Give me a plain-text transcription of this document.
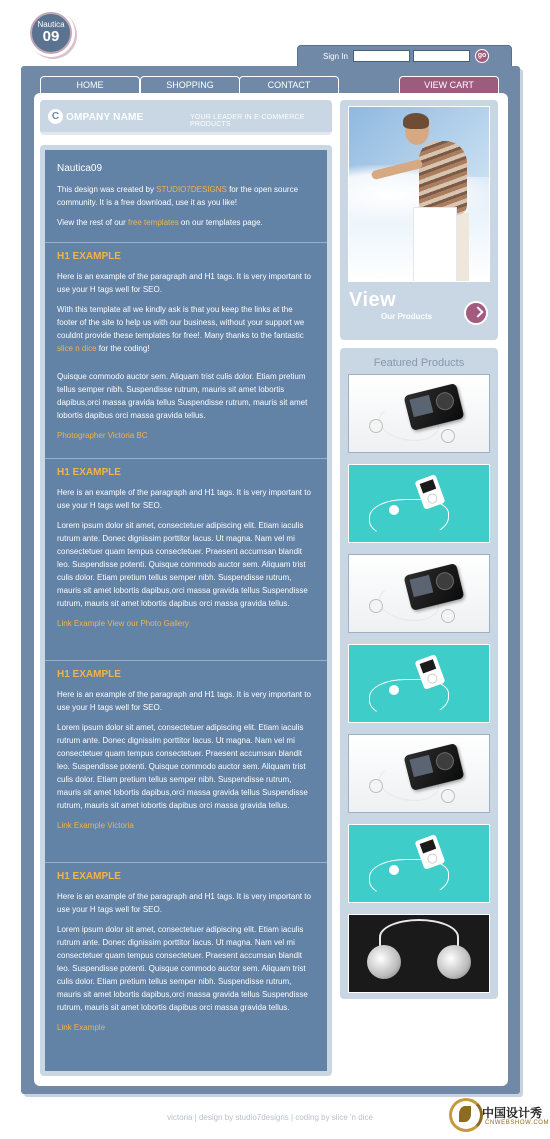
Nautica
09
Sign In	go
HOME	SHOPPING	CONTACT	VIEW CART
C OMPANY NAME	YOUR LEADER IN E-COMMERCE PRODUCTS
Nautica09
This design was created by STUDIO7DESIGNS for the open source community. It is a free download, use it as you like!
View the rest of our free templates on our templates page.
H1 EXAMPLE
Here is an example of the paragraph and H1 tags. It is very important to use your H tags well for SEO.
With this template all we kindly ask is that you keep the links at the footer of the site to help us with our business, without your support we couldnt provide these templates for free!. Many thanks to the fantastic slice n dice for the coding!
Quisque commodo auctor sem. Aliquam trist culis dolor. Etiam pretium tellus semper nibh. Suspendisse rutrum, mauris sit amet lobortis dapibus,orci massa gravida tellus Suspendisse rutrum, mauris sit amet lobortis dapibus orci massa gravida tellus.
Photographer Victoria BC
H1 EXAMPLE
Here is an example of the paragraph and H1 tags. It is very important to use your H tags well for SEO.
Lorem ipsum dolor sit amet, consectetuer adipiscing elit. Etiam iaculis rutrum ante. Donec dignissim porttitor lacus. Ut magna. Nam vel mi consectetuer quam tempus consectetuer. Praesent accumsan blandit leo. Suspendisse potenti. Quisque commodo auctor sem. Aliquam trist culis dolor. Etiam pretium tellus semper nibh. Suspendisse rutrum, mauris sit amet lobortis dapibus,orci massa gravida tellus Suspendisse rutrum, mauris sit amet lobortis dapibus orci massa gravida tellus.
Link Example View our Photo Gallery
H1 EXAMPLE
Here is an example of the paragraph and H1 tags. It is very important to use your H tags well for SEO.
Lorem ipsum dolor sit amet, consectetuer adipiscing elit. Etiam iaculis rutrum ante. Donec dignissim porttitor lacus. Ut magna. Nam vel mi consectetuer quam tempus consectetuer. Praesent accumsan blandit leo. Suspendisse potenti. Quisque commodo auctor sem. Aliquam trist culis dolor. Etiam pretium tellus semper nibh. Suspendisse rutrum, mauris sit amet lobortis dapibus,orci massa gravida tellus Suspendisse rutrum, mauris sit amet lobortis dapibus orci massa gravida tellus.
Link Example Victoria
H1 EXAMPLE
Here is an example of the paragraph and H1 tags. It is very important to use your H tags well for SEO.
Lorem ipsum dolor sit amet, consectetuer adipiscing elit. Etiam iaculis rutrum ante. Donec dignissim porttitor lacus. Ut magna. Nam vel mi consectetuer quam tempus consectetuer. Praesent accumsan blandit leo. Suspendisse potenti. Quisque commodo auctor sem. Aliquam trist culis dolor. Etiam pretium tellus semper nibh. Suspendisse rutrum, mauris sit amet lobortis dapibus,orci massa gravida tellus Suspendisse rutrum, mauris sit amet lobortis dapibus orci massa gravida tellus.
Link Example
View
Our Products
Featured Products
victoria | design by studio7designs | coding by slice 'n dice	中国设计秀
CNWEBSHOW.COM
